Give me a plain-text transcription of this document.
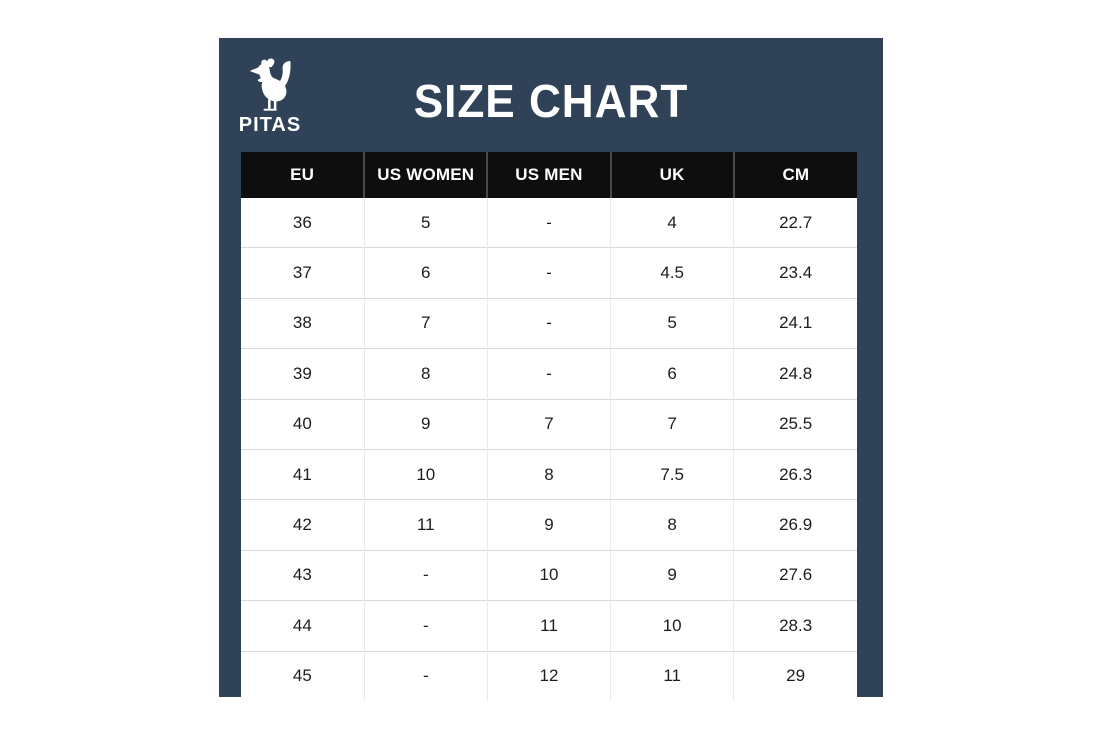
PITAS	SIZE CHART
EU	US WOMEN	US MEN	UK	CM
36	5	-	4	22.7
37	6	-	4.5	23.4
38	7	-	5	24.1
39	8	-	6	24.8
40	9	7	7	25.5
41	10	8	7.5	26.3
42	11	9	8	26.9
43	-	10	9	27.6
44	-	11	10	28.3
45	-	12	11	29
